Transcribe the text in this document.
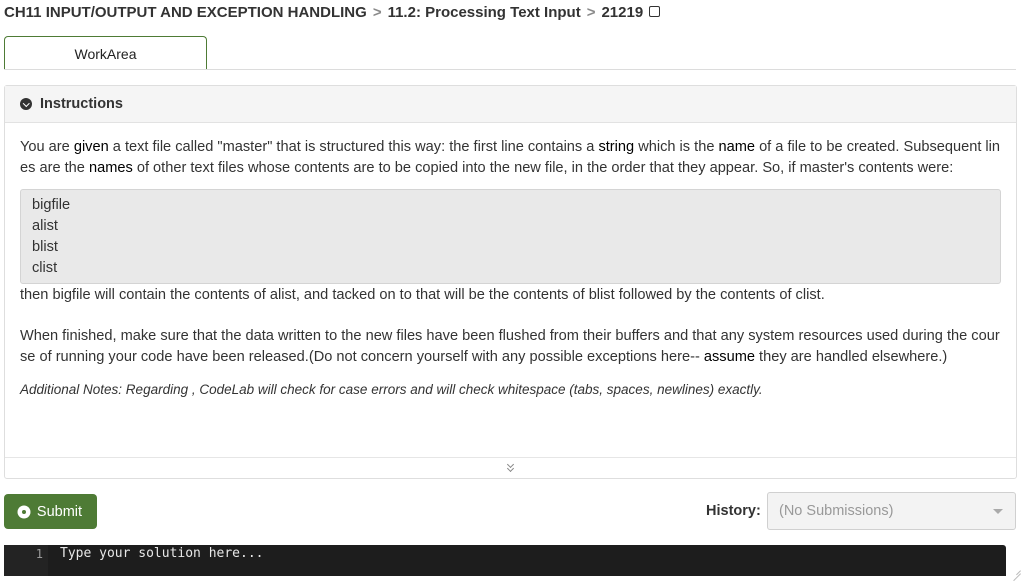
CH11 INPUT/OUTPUT AND EXCEPTION HANDLING > 11.2: Processing Text Input > 21219
WorkArea
Instructions

You are given a text file called "master" that is structured this way: the first line contains a string which is the name of a file to be created. Subsequent lines are the names of other text files whose contents are to be copied into the new file, in the order that they appear. So, if master's contents were:

bigfile
alist
blist
clist

then bigfile will contain the contents of alist, and tacked on to that will be the contents of blist followed by the contents of clist.

When finished, make sure that the data written to the new files have been flushed from their buffers and that any system resources used during the course of running your code have been released.(Do not concern yourself with any possible exceptions here-- assume they are handled elsewhere.)

Additional Notes: Regarding , CodeLab will check for case errors and will check whitespace (tabs, spaces, newlines) exactly.

Submit	History: (No Submissions)
1	Type your solution here...
